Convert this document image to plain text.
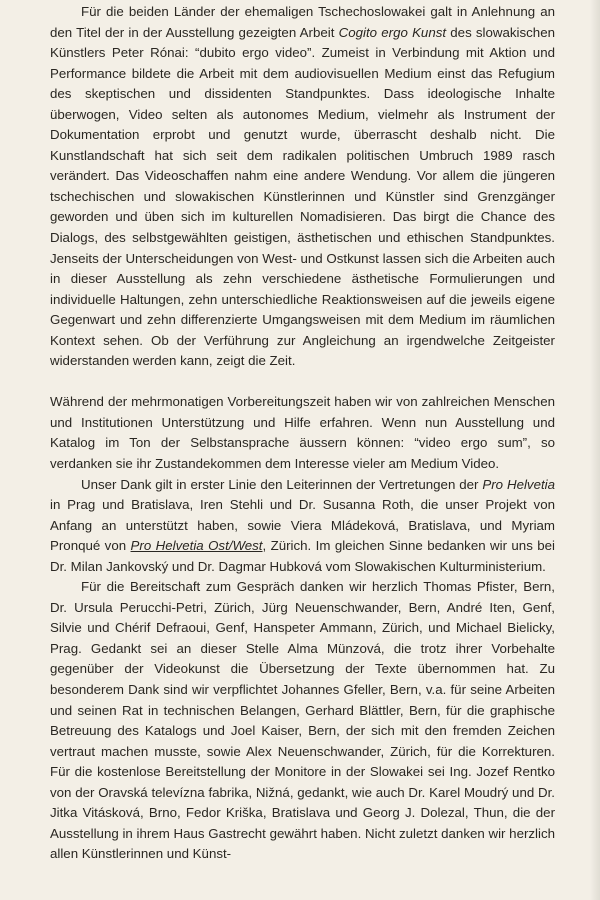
Für die beiden Länder der ehemaligen Tschechoslowakei galt in Anlehnung an den Titel der in der Ausstellung gezeigten Arbeit Cogito ergo Kunst des slowakischen Künstlers Peter Rónai: “dubito ergo video”. Zumeist in Verbindung mit Aktion und Performance bildete die Arbeit mit dem audiovisuellen Medium einst das Refugium des skeptischen und dissidenten Standpunktes. Dass ideologische Inhalte überwogen, Video selten als autonomes Medium, vielmehr als Instrument der Dokumentation erprobt und genutzt wurde, überrascht deshalb nicht. Die Kunstlandschaft hat sich seit dem radikalen politischen Umbruch 1989 rasch verändert. Das Videoschaffen nahm eine andere Wendung. Vor allem die jüngeren tschechischen und slowakischen Künstlerinnen und Künstler sind Grenzgänger geworden und üben sich im kulturellen Nomadisieren. Das birgt die Chance des Dialogs, des selbstgewählten geistigen, ästhetischen und ethischen Standpunktes. Jenseits der Unterscheidungen von West- und Ostkunst lassen sich die Arbeiten auch in dieser Ausstellung als zehn verschiedene ästhetische Formulierungen und individuelle Haltungen, zehn unterschiedliche Reaktionsweisen auf die jeweils eigene Gegenwart und zehn differenzierte Umgangsweisen mit dem Medium im räumlichen Kontext sehen. Ob der Verführung zur Angleichung an irgendwelche Zeitgeister widerstanden werden kann, zeigt die Zeit.

Während der mehrmonatigen Vorbereitungszeit haben wir von zahlreichen Menschen und Institutionen Unterstützung und Hilfe erfahren. Wenn nun Ausstellung und Katalog im Ton der Selbstansprache äussern können: “video ergo sum”, so verdanken sie ihr Zustandekommen dem Interesse vieler am Medium Video.

Unser Dank gilt in erster Linie den Leiterinnen der Vertretungen der Pro Helvetia in Prag und Bratislava, Iren Stehli und Dr. Susanna Roth, die unser Projekt von Anfang an unterstützt haben, sowie Viera Mládeková, Bratislava, und Myriam Pronqué von Pro Helvetia Ost/West, Zürich. Im gleichen Sinne bedanken wir uns bei Dr. Milan Jankovský und Dr. Dagmar Hubková vom Slowakischen Kulturministerium.

Für die Bereitschaft zum Gespräch danken wir herzlich Thomas Pfister, Bern, Dr. Ursula Perucchi-Petri, Zürich, Jürg Neuenschwander, Bern, André Iten, Genf, Silvie und Chérif Defraoui, Genf, Hanspeter Ammann, Zürich, und Michael Bielicky, Prag. Gedankt sei an dieser Stelle Alma Münzová, die trotz ihrer Vorbehalte gegenüber der Videokunst die Übersetzung der Texte übernommen hat. Zu besonderem Dank sind wir verpflichtet Johannes Gfeller, Bern, v.a. für seine Arbeiten und seinen Rat in technischen Belangen, Gerhard Blättler, Bern, für die graphische Betreuung des Katalogs und Joel Kaiser, Bern, der sich mit den fremden Zeichen vertraut machen musste, sowie Alex Neuenschwander, Zürich, für die Korrekturen. Für die kostenlose Bereitstellung der Monitore in der Slowakei sei Ing. Jozef Rentko von der Oravská televízna fabrika, Nižná, gedankt, wie auch Dr. Karel Moudrý und Dr. Jitka Vitásková, Brno, Fedor Kriška, Bratislava und Georg J. Dolezal, Thun, die der Ausstellung in ihrem Haus Gastrecht gewährt haben. Nicht zuletzt danken wir herzlich allen Künstlerinnen und Künst-
